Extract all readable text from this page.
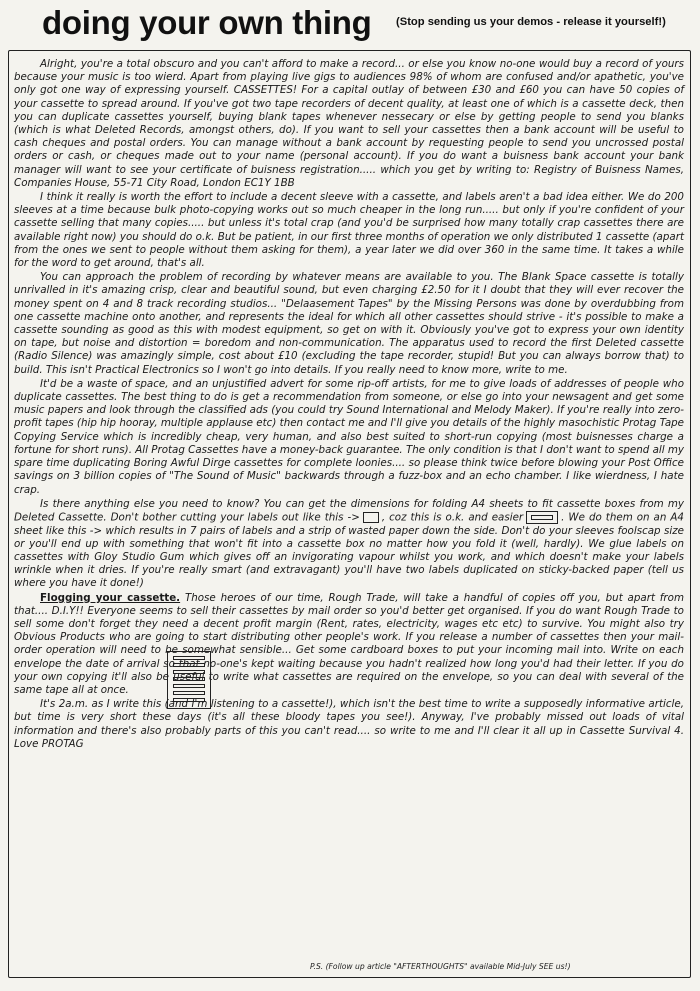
doing your own thing (Stop sending us your demos - release it yourself!)

Alright, you're a total obscuro and you can't afford to make a record... or else you know no-one would buy a record of yours because your music is too wierd. Apart from playing live gigs to audiences 98% of whom are confused and/or apathetic, you've only got one way of expressing yourself. CASSETTES! For a capital outlay of between £30 and £60 you can have 50 copies of your cassette to spread around. If you've got two tape recorders of decent quality, at least one of which is a cassette deck, then you can duplicate cassettes yourself, buying blank tapes whenever nessecary or else by getting people to send you blanks (which is what Deleted Records, amongst others, do). If you want to sell your cassettes then a bank account will be useful to cash cheques and postal orders. You can manage without a bank account by requesting people to send you uncrossed postal orders or cash, or cheques made out to your name (personal account). If you do want a buisness bank account your bank manager will want to see your certificate of buisness registration..... which you get by writing to: Registry of Buisness Names, Companies House, 55-71 City Road, London EC1Y 1BB

I think it really is worth the effort to include a decent sleeve with a cassette, and labels aren't a bad idea either. We do 200 sleeves at a time because bulk photo-copying works out so much cheaper in the long run..... but only if you're confident of your cassette selling that many copies..... but unless it's total crap (and you'd be surprised how many totally crap cassettes there are available right now) you should do o.k. But be patient, in our first three months of operation we only distributed 1 cassette (apart from the ones we sent to people without them asking for them), a year later we did over 360 in the same time. It takes a while for the word to get around, that's all.

You can approach the problem of recording by whatever means are available to you. The Blank Space cassette is totally unrivalled in it's amazing crisp, clear and beautiful sound, but even charging £2.50 for it I doubt that they will ever recover the money spent on 4 and 8 track recording studios... "Delaasement Tapes" by the Missing Persons was done by overdubbing from one cassette machine onto another, and represents the ideal for which all other cassettes should strive - it's possible to make a cassette sounding as good as this with modest equipment, so get on with it. Obviously you've got to express your own identity on tape, but noise and distortion = boredom and non-communication. The apparatus used to record the first Deleted cassette (Radio Silence) was amazingly simple, cost about £10 (excluding the tape recorder, stupid! But you can always borrow that) to build. This isn't Practical Electronics so I won't go into details. If you really need to know more, write to me.

It'd be a waste of space, and an unjustified advert for some rip-off artists, for me to give loads of addresses of people who duplicate cassettes. The best thing to do is get a recommendation from someone, or else go into your newsagent and get some music papers and look through the classified ads (you could try Sound International and Melody Maker). If you're really into zero-profit tapes (hip hip hooray, multiple applause etc) then contact me and I'll give you details of the highly masochistic Protag Tape Copying Service which is incredibly cheap, very human, and also best suited to short-run copying (most buisnesses charge a fortune for short runs). All Protag Cassettes have a money-back guarantee. The only condition is that I don't want to spend all my spare time duplicating Boring Awful Dirge cassettes for complete loonies.... so please think twice before blowing your Post Office savings on 3 billion copies of "The Sound of Music" backwards through a fuzz-box and an echo chamber. I like wierdness, I hate crap.

Is there anything else you need to know? You can get the dimensions for folding A4 sheets to fit cassette boxes from my Deleted Cassette. Don't bother cutting your labels out like this -> , coz this is o.k. and easier	. We do them on an A4 sheet like this -> which results in 7 pairs of labels and a strip of wasted paper down the side. Don't do your sleeves foolscap size or you'll end up with something that won't fit into a cassette box no matter how you fold it (well, hardly). We glue labels on cassettes with Gloy Studio Gum which gives off an invigorating vapour whilst you work, and which doesn't make your labels wrinkle when it dries. If you're really smart (and extravagant) you'll have two labels duplicated on sticky-backed paper (tell us where you have it done!)

Flogging your cassette. Those heroes of our time, Rough Trade, will take a handful of copies off you, but apart from that.... D.I.Y!! Everyone seems to sell their cassettes by mail order so you'd better get organised. If you do want Rough Trade to sell some don't forget they need a decent profit margin (Rent, rates, electricity, wages etc etc) to survive. You might also try Obvious Products who are going to start distributing other people's work. If you release a number of cassettes then your mail-order operation will need to be somewhat sensible... Get some cardboard boxes to put your incoming mail into. Write on each envelope the date of arrival so that no-one's kept waiting because you hadn't realized how long you'd had their letter. If you do your own copying it'll also be useful to write what cassettes are required on the envelope, so you can deal with several of the same tape all at once.

It's 2a.m. as I write this (and I'm listening to a cassette!), which isn't the best time to write a supposedly informative article, but time is very short these days (it's all these bloody tapes you see!). Anyway, I've probably missed out loads of vital information and there's also probably parts of this you can't read.... so write to me and I'll clear it all up in Cassette Survival 4. Love PROTAG

P.S. (Follow up article "AFTERTHOUGHTS" available Mid-July SEE us!)
